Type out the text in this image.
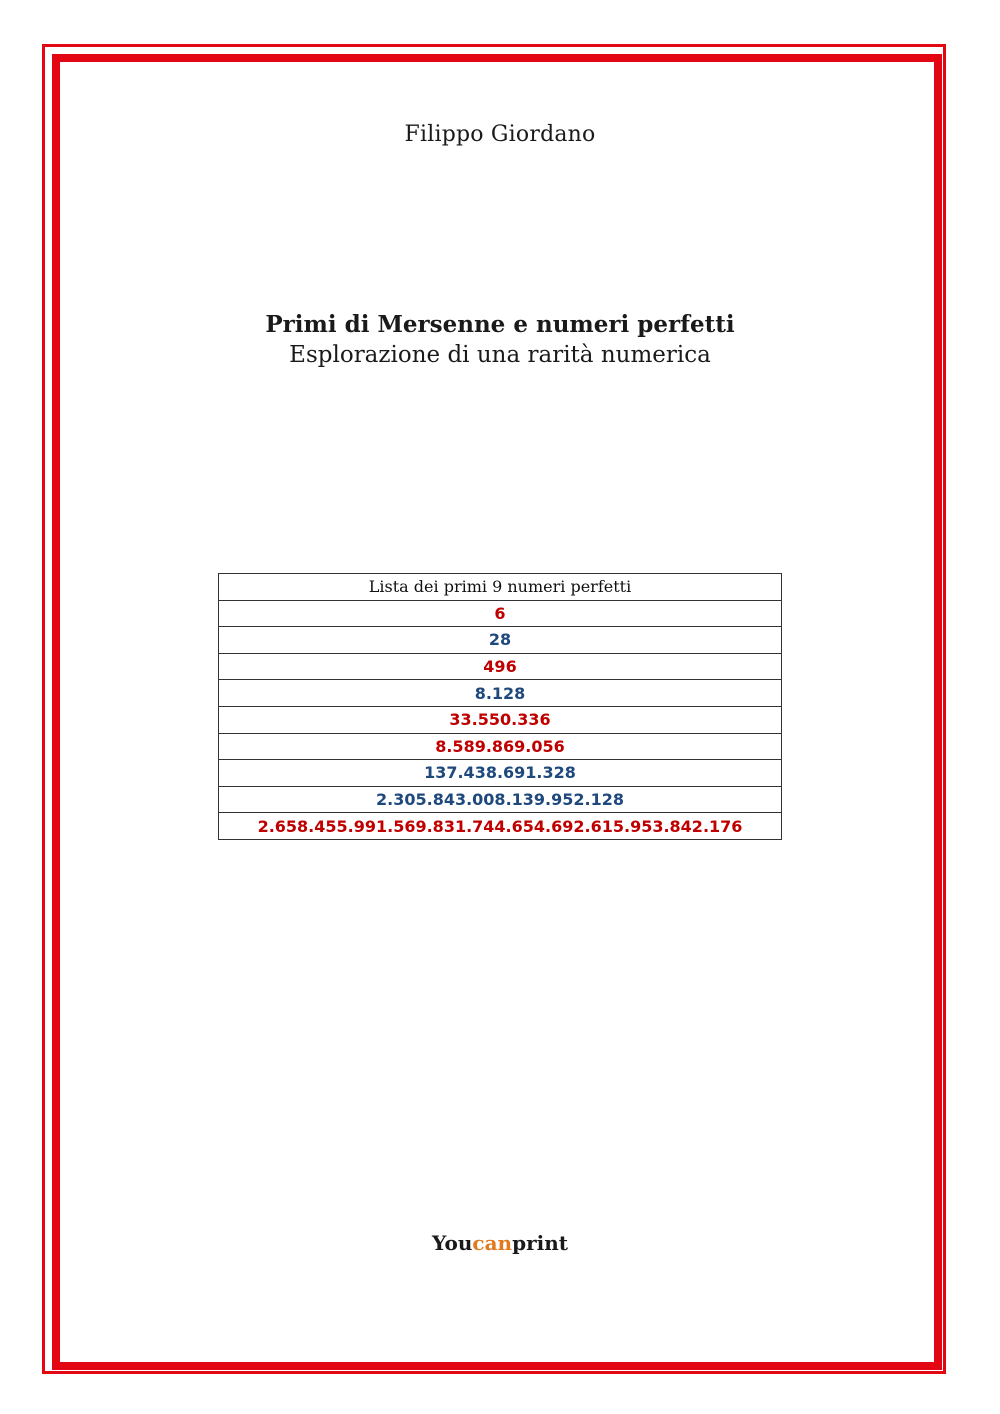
Filippo Giordano
Primi di Mersenne e numeri perfetti
Esplorazione di una rarità numerica
Lista dei primi 9 numeri perfetti
6
28
496
8.128
33.550.336
8.589.869.056
137.438.691.328
2.305.843.008.139.952.128
2.658.455.991.569.831.744.654.692.615.953.842.176
Youcanprint
